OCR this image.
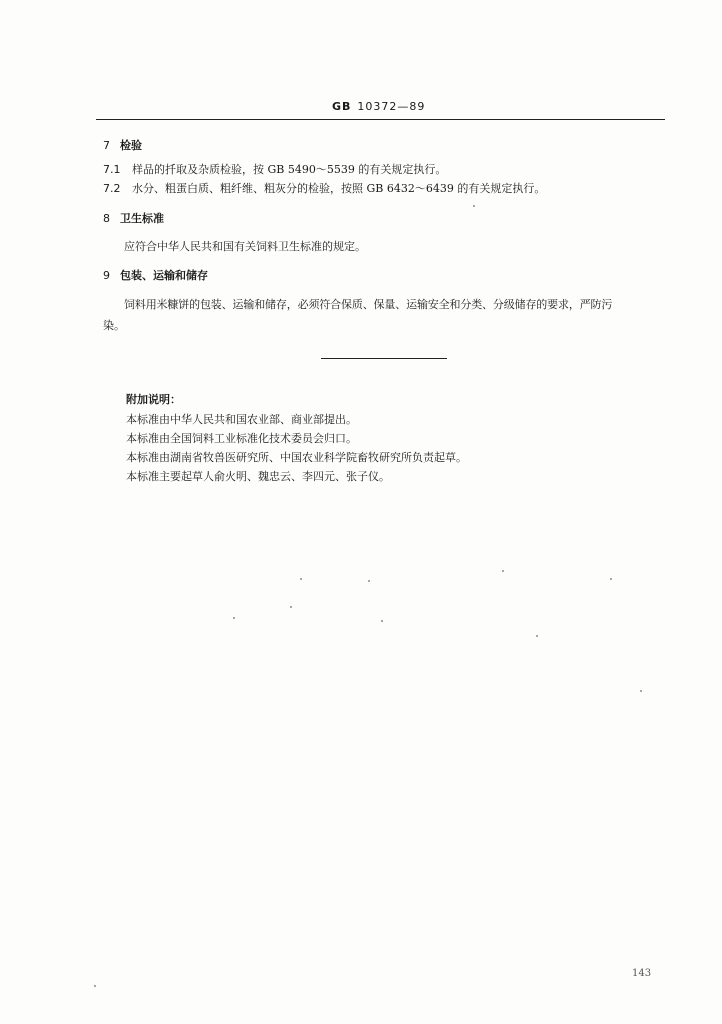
GB 10372—89
7 检验
7.1 样品的扦取及杂质检验，按 GB 5490～5539 的有关规定执行。
7.2 水分、粗蛋白质、粗纤维、粗灰分的检验，按照 GB 6432～6439 的有关规定执行。
8 卫生标准
应符合中华人民共和国有关饲料卫生标准的规定。
9 包装、运输和储存
饲料用米糠饼的包装、运输和储存，必须符合保质、保量、运输安全和分类、分级储存的要求，严防污
染。
附加说明：
本标准由中华人民共和国农业部、商业部提出。
本标准由全国饲料工业标准化技术委员会归口。
本标准由湖南省牧兽医研究所、中国农业科学院畜牧研究所负责起草。
本标准主要起草人俞火明、魏忠云、李四元、张子仪。
143
